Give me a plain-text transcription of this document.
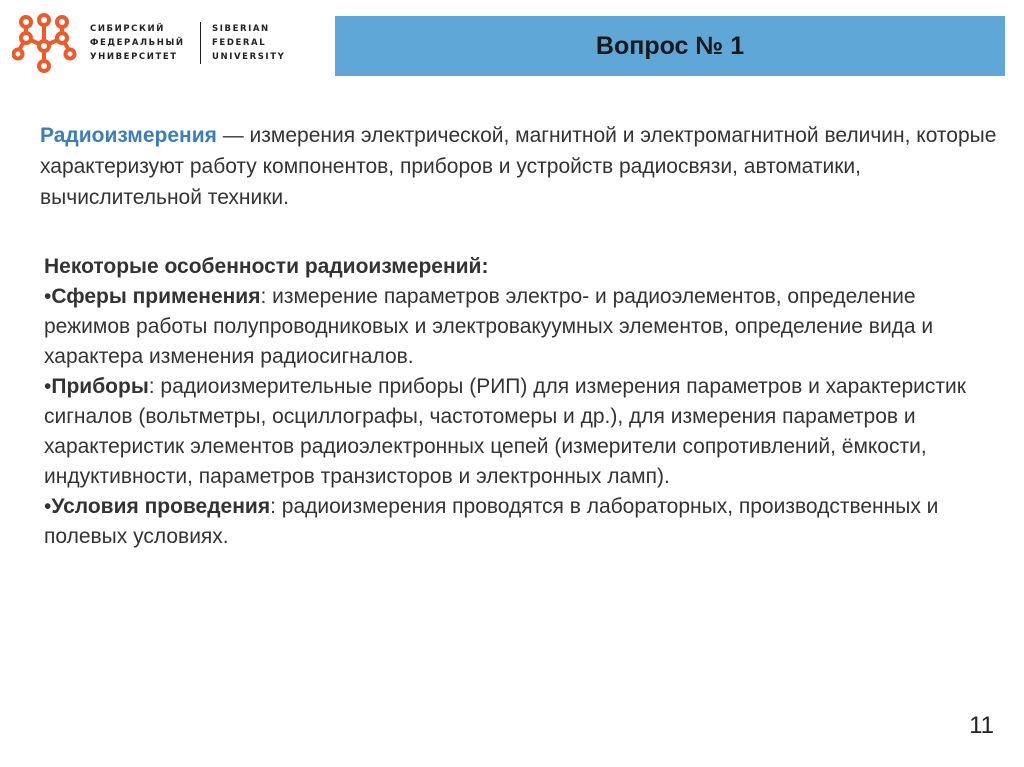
СИБИРСКИЙ
ФЕДЕРАЛЬНЫЙ
УНИВЕРСИТЕТ
SIBERIAN
FEDERAL
UNIVERSITY	Вопрос № 1

Радиоизмерения — измерения электрической, магнитной и электромагнитной величин, которые характеризуют работу компонентов, приборов и устройств радиосвязи, автоматики, вычислительной техники.

Некоторые особенности радиоизмерений:
•Сферы применения: измерение параметров электро- и радиоэлементов, определение режимов работы полупроводниковых и электровакуумных элементов, определение вида и характера изменения радиосигналов.
•Приборы: радиоизмерительные приборы (РИП) для измерения параметров и характеристик сигналов (вольтметры, осциллографы, частотомеры и др.), для измерения параметров и характеристик элементов радиоэлектронных цепей (измерители сопротивлений, ёмкости, индуктивности, параметров транзисторов и электронных ламп).
•Условия проведения: радиоизмерения проводятся в лабораторных, производственных и полевых условиях.
11
